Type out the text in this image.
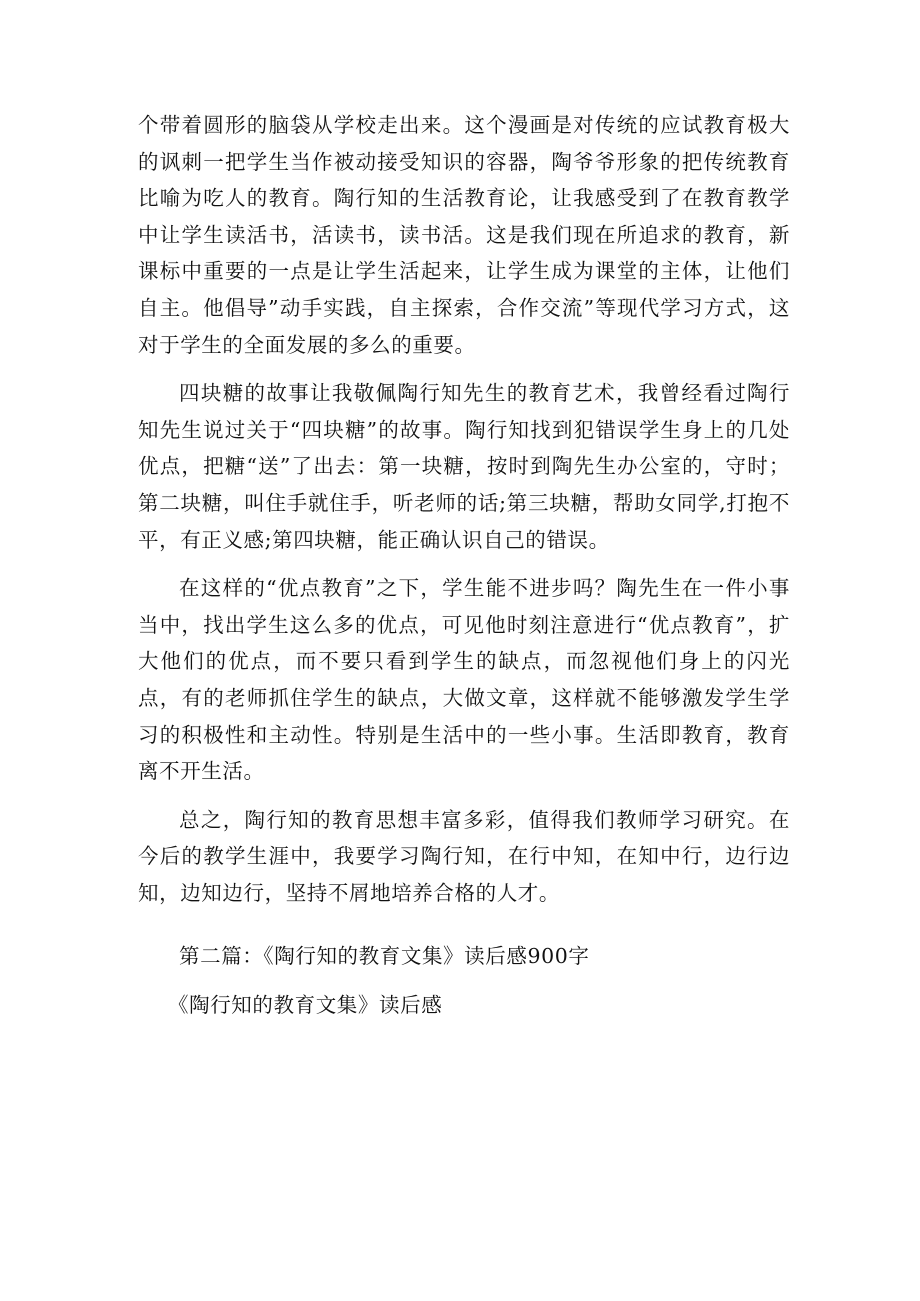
个带着圆形的脑袋从学校走出来。这个漫画是对传统的应试教育极大的讽刺一把学生当作被动接受知识的容器，陶爷爷形象的把传统教育比喻为吃人的教育。陶行知的生活教育论，让我感受到了在教育教学中让学生读活书，活读书，读书活。这是我们现在所追求的教育，新课标中重要的一点是让学生活起来，让学生成为课堂的主体，让他们自主。他倡导”动手实践，自主探索，合作交流”等现代学习方式，这对于学生的全面发展的多么的重要。

四块糖的故事让我敬佩陶行知先生的教育艺术，我曾经看过陶行知先生说过关于“四块糖”的故事。陶行知找到犯错误学生身上的几处优点，把糖“送”了出去：第一块糖，按时到陶先生办公室的，守时；第二块糖，叫住手就住手，听老师的话;第三块糖，帮助女同学,打抱不平，有正义感;第四块糖，能正确认识自己的错误。

在这样的“优点教育”之下，学生能不进步吗？陶先生在一件小事当中，找出学生这么多的优点，可见他时刻注意进行“优点教育”，扩大他们的优点，而不要只看到学生的缺点，而忽视他们身上的闪光点，有的老师抓住学生的缺点，大做文章，这样就不能够激发学生学习的积极性和主动性。特别是生活中的一些小事。生活即教育，教育离不开生活。

总之，陶行知的教育思想丰富多彩，值得我们教师学习研究。在今后的教学生涯中，我要学习陶行知，在行中知，在知中行，边行边知，边知边行，坚持不屑地培养合格的人才。

第二篇：《陶行知的教育文集》读后感900字

《陶行知的教育文集》读后感
